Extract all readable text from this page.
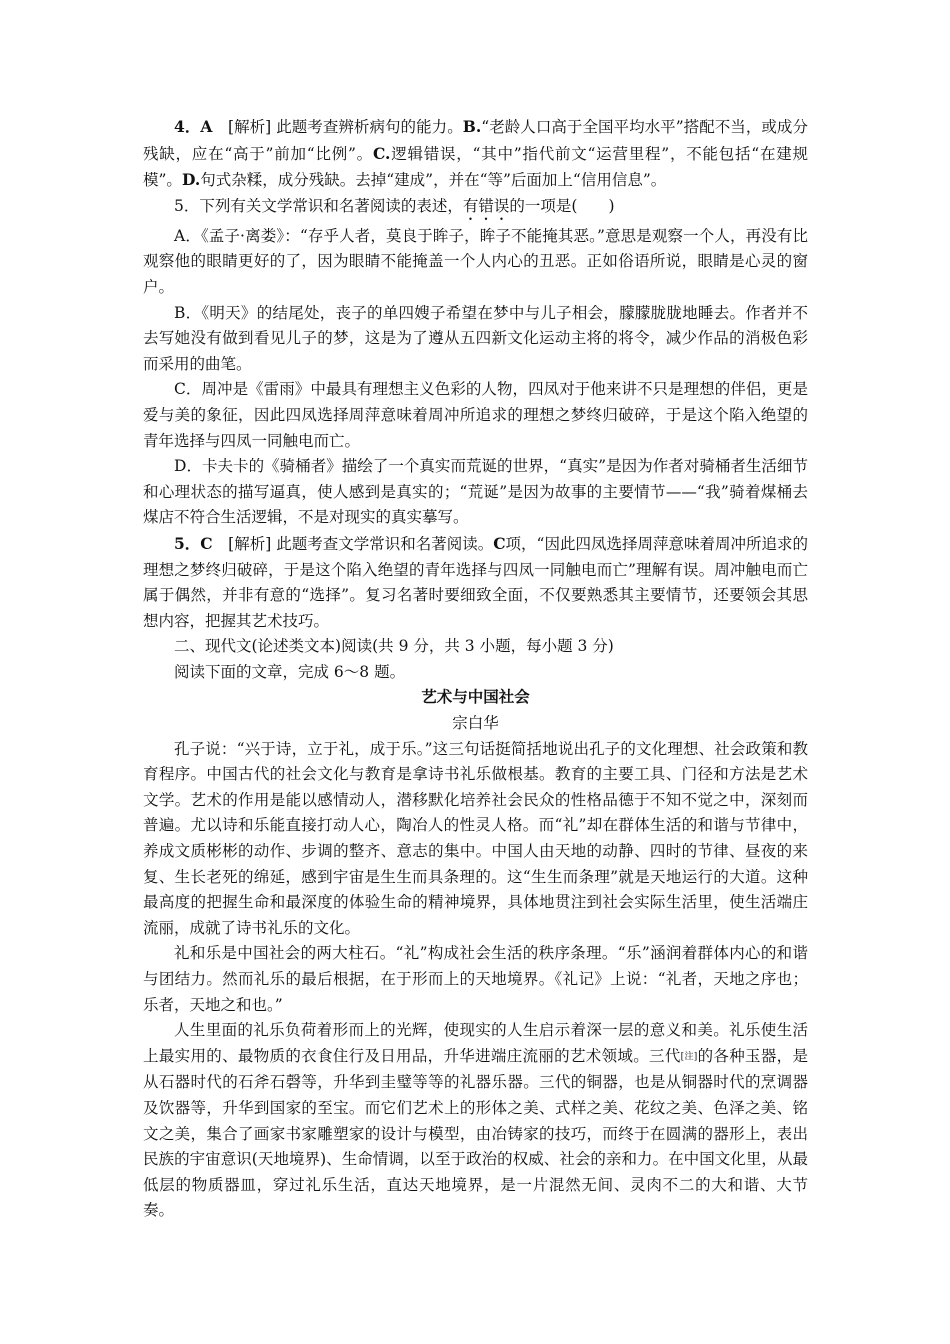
4．A　 [解析] 此题考查辨析病句的能力。B.“老龄人口高于全国平均水平”搭配不当，或成分残缺，应在“高于”前加“比例”。C.逻辑错误，“其中”指代前文“运营里程”，不能包括“在建规模”。D.句式杂糅，成分残缺。去掉“建成”，并在“等”后面加上“信用信息”。

5．下列有关文学常识和名著阅读的表述，有错误的一项是(　　)

A．《孟子·离娄》：“存乎人者，莫良于眸子，眸子不能掩其恶。”意思是观察一个人，再没有比观察他的眼睛更好的了，因为眼睛不能掩盖一个人内心的丑恶。正如俗语所说，眼睛是心灵的窗户。

B．《明天》的结尾处，丧子的单四嫂子希望在梦中与儿子相会，朦朦胧胧地睡去。作者并不去写她没有做到看见儿子的梦，这是为了遵从五四新文化运动主将的将令，减少作品的消极色彩而采用的曲笔。

C．周冲是《雷雨》中最具有理想主义色彩的人物，四凤对于他来讲不只是理想的伴侣，更是爱与美的象征，因此四凤选择周萍意味着周冲所追求的理想之梦终归破碎，于是这个陷入绝望的青年选择与四凤一同触电而亡。

D．卡夫卡的《骑桶者》描绘了一个真实而荒诞的世界，“真实”是因为作者对骑桶者生活细节和心理状态的描写逼真，使人感到是真实的；“荒诞”是因为故事的主要情节——“我”骑着煤桶去煤店不符合生活逻辑，不是对现实的真实摹写。

5．C　 [解析] 此题考查文学常识和名著阅读。C项，“因此四凤选择周萍意味着周冲所追求的理想之梦终归破碎，于是这个陷入绝望的青年选择与四凤一同触电而亡”理解有误。周冲触电而亡属于偶然，并非有意的“选择”。复习名著时要细致全面，不仅要熟悉其主要情节，还要领会其思想内容，把握其艺术技巧。

二、现代文(论述类文本)阅读(共 9 分，共 3 小题，每小题 3 分)

阅读下面的文章，完成 6～8 题。

艺术与中国社会

宗白华

孔子说：“兴于诗，立于礼，成于乐。”这三句话挺简括地说出孔子的文化理想、社会政策和教育程序。中国古代的社会文化与教育是拿诗书礼乐做根基。教育的主要工具、门径和方法是艺术文学。艺术的作用是能以感情动人，潜移默化培养社会民众的性格品德于不知不觉之中，深刻而普遍。尤以诗和乐能直接打动人心，陶冶人的性灵人格。而“礼”却在群体生活的和谐与节律中，养成文质彬彬的动作、步调的整齐、意志的集中。中国人由天地的动静、四时的节律、昼夜的来复、生长老死的绵延，感到宇宙是生生而具条理的。这“生生而条理”就是天地运行的大道。这种最高度的把握生命和最深度的体验生命的精神境界，具体地贯注到社会实际生活里，使生活端庄流丽，成就了诗书礼乐的文化。

礼和乐是中国社会的两大柱石。“礼”构成社会生活的秩序条理。“乐”涵润着群体内心的和谐与团结力。然而礼乐的最后根据，在于形而上的天地境界。《礼记》上说：“礼者，天地之序也；乐者，天地之和也。”

人生里面的礼乐负荷着形而上的光辉，使现实的人生启示着深一层的意义和美。礼乐使生活上最实用的、最物质的衣食住行及日用品，升华进端庄流丽的艺术领域。三代[注]的各种玉器，是从石器时代的石斧石磬等，升华到圭璧等等的礼器乐器。三代的铜器，也是从铜器时代的烹调器及饮器等，升华到国家的至宝。而它们艺术上的形体之美、式样之美、花纹之美、色泽之美、铭文之美，集合了画家书家雕塑家的设计与模型，由冶铸家的技巧，而终于在圆满的器形上，表出民族的宇宙意识(天地境界)、生命情调，以至于政治的权威、社会的亲和力。在中国文化里，从最低层的物质器皿，穿过礼乐生活，直达天地境界，是一片混然无间、灵肉不二的大和谐、大节奏。
